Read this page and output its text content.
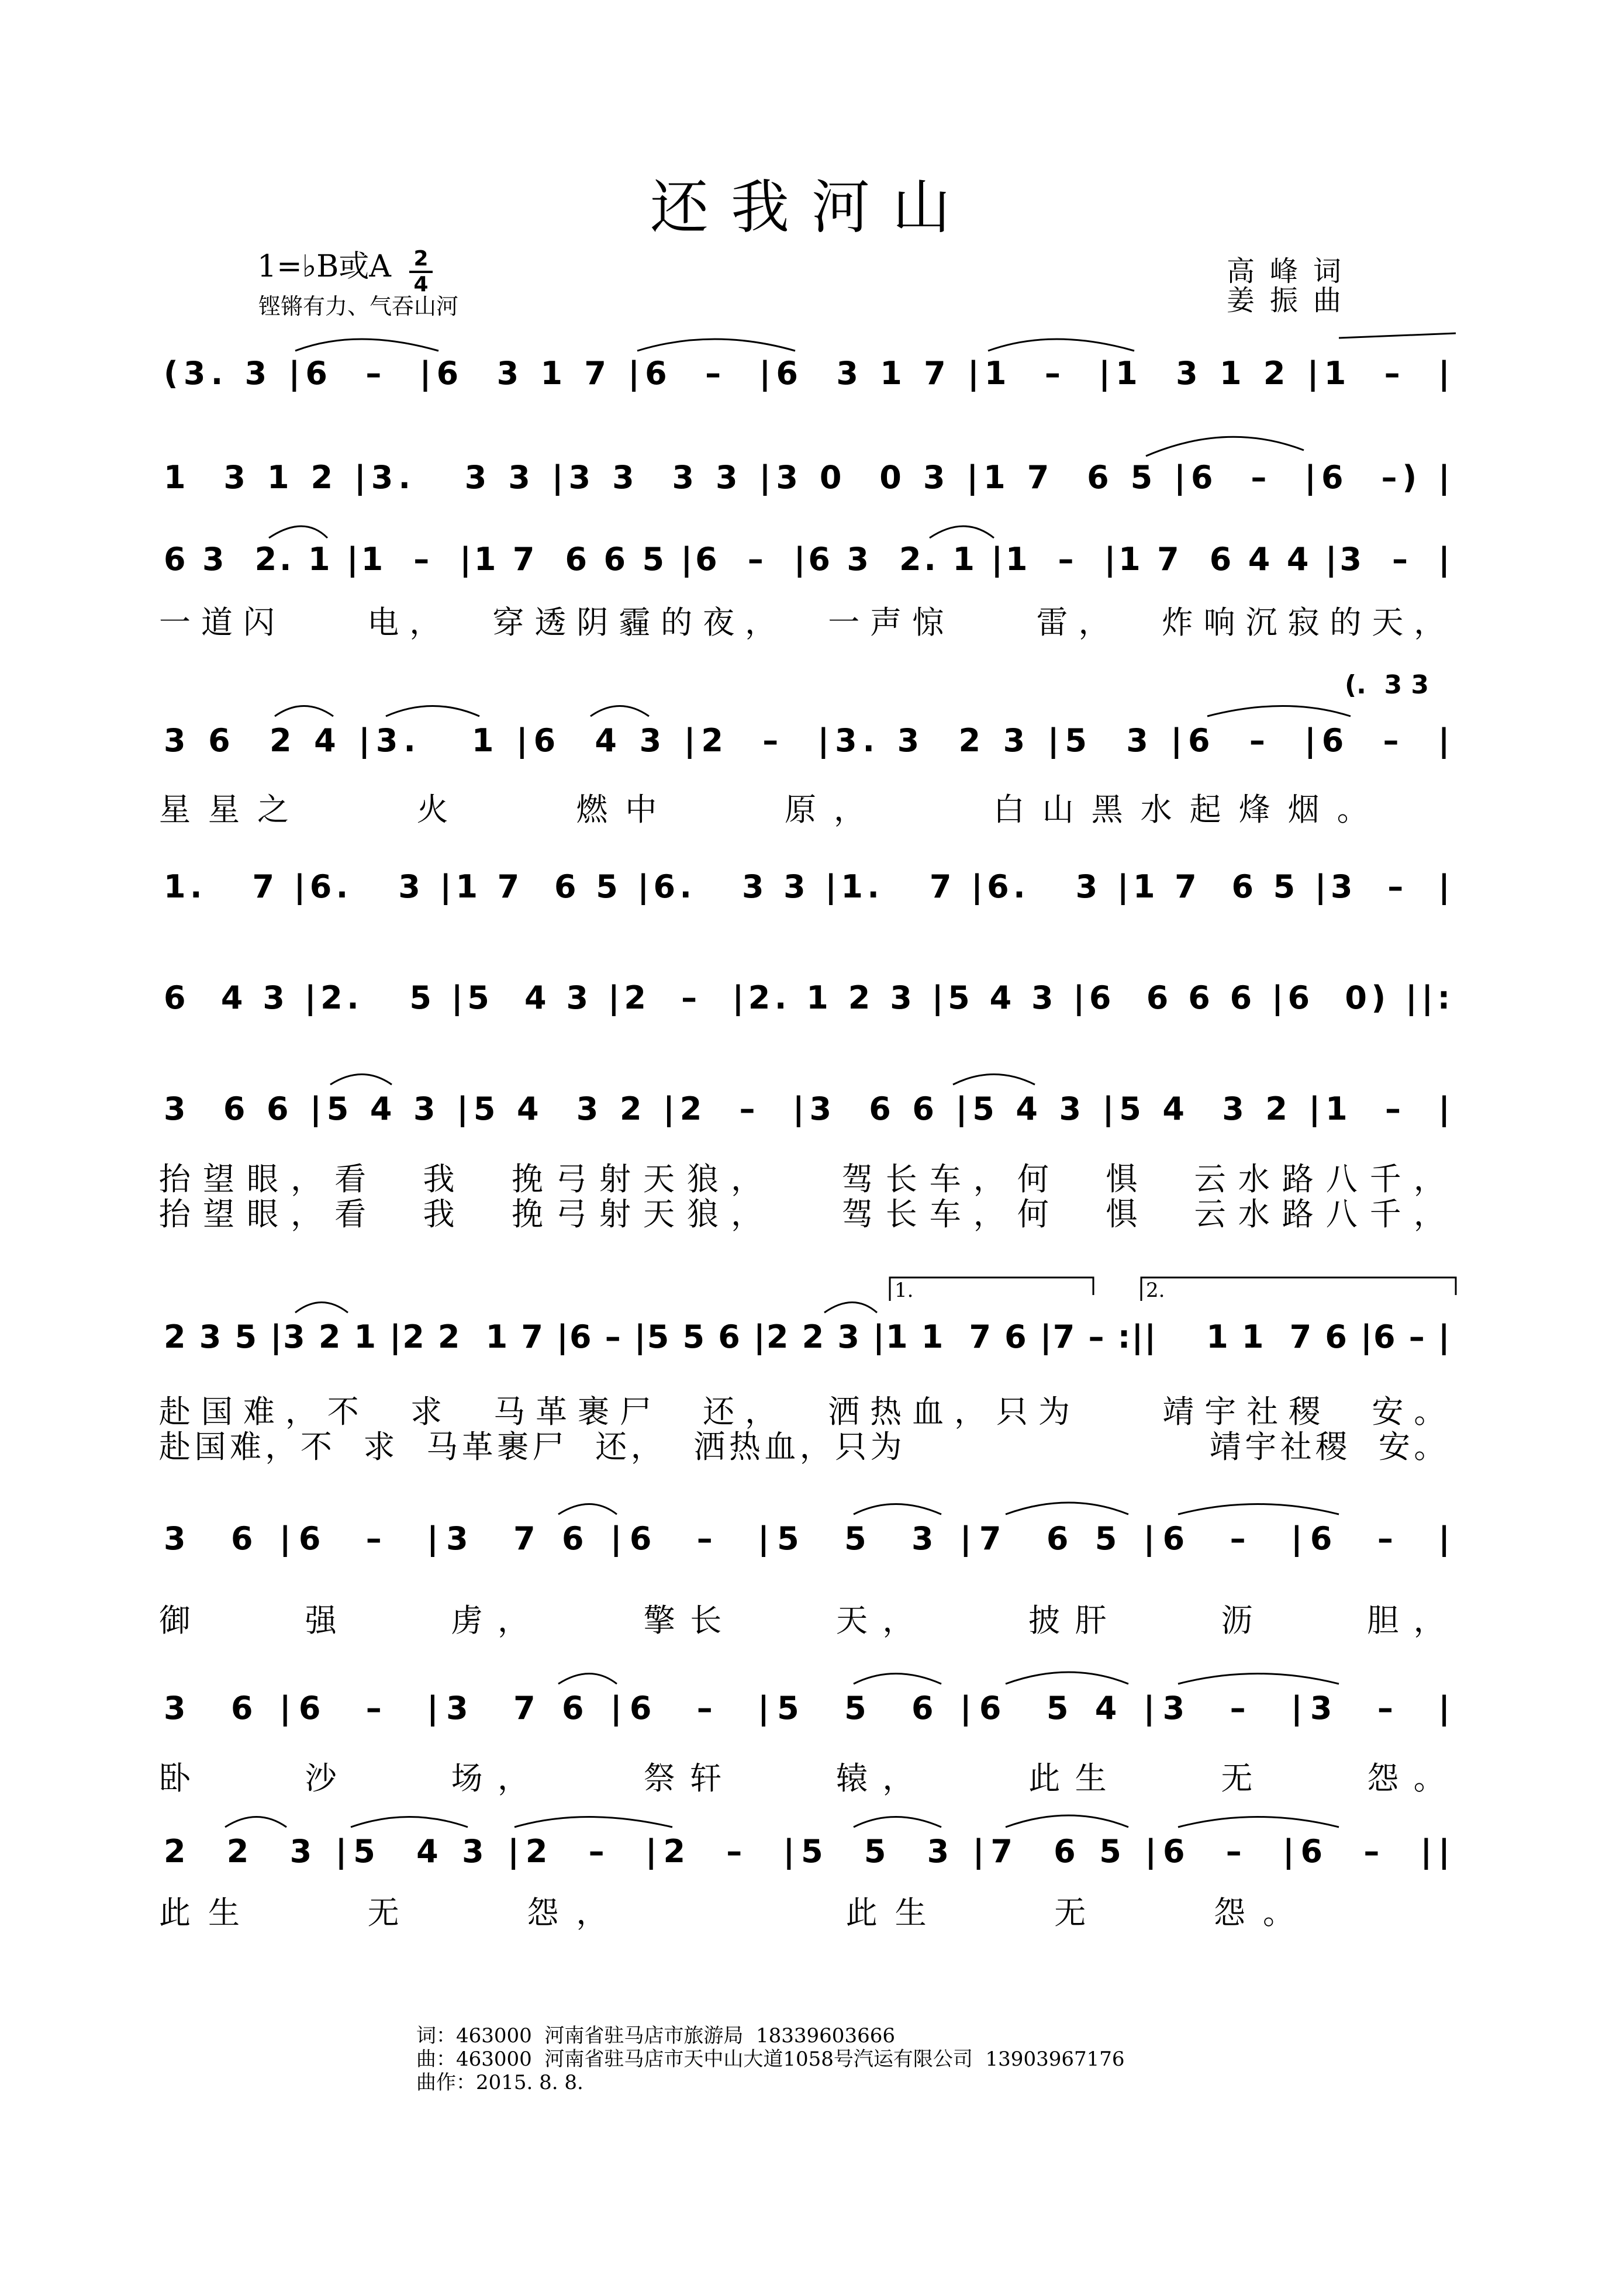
还我河山
1=♭B或A 2
4
铿锵有力、气吞山河
高峰词
姜振曲
(3. 3 |6  –  |6  3 1 7 |6  –  |6  3 1 7 |1  –  |1  3 1 2 |1  –  |
1  3 1 2 |3.   3 3 |3 3  3 3 |3 0  0 3 |1 7  6 5 |6  –  |6  –) |
6 3  2. 1 |1  –  |1 7  6 6 5 |6  –  |6 3  2. 1 |1  –  |1 7  6 4 4 |3  –  |
一道闪    电，  穿透阴霾的夜，  一声惊    雷，  炸响沉寂的天，
(.  3 3
3 6  2 4 |3.   1 |6  4 3 |2  –  |3. 3  2 3 |5  3 |6  –  |6  –  |
星星之    火    燃中    原，    白山黑水起烽烟。
1.   7 |6.   3 |1 7  6 5 |6.   3 3 |1.   7 |6.   3 |1 7  6 5 |3  –  |
6  4 3 |2.   5 |5  4 3 |2  –  |2. 1 2 3 |5 4 3 |6  6 6 6 |6  0) ||:
3  6 6 |5 4 3 |5 4  3 2 |2  –  |3  6 6 |5 4 3 |5 4  3 2 |1  –  |
抬望眼，看  我  挽弓射天狼，   驾长车，何  惧  云水路八千，
抬望眼，看  我  挽弓射天狼，   驾长车，何  惧  云水路八千，
1.	2.
2 3 5 |3 2 1 |2 2  1 7 |6 – |5 5 6 |2 2 3 |1 1  7 6 |7 – :||    1 1  7 6 |6 – |
赴国难，不  求  马革裹尸  还，  洒热血，只为    靖宇社稷  安。
赴国难，不  求  马革裹尸  还，  洒热血，只为                      靖宇社稷  安。
3  6 |6  –  |3  7 6 |6  –  |5  5  3 |7  6 5 |6  –  |6  –  |
御    强    虏，    擎长    天，    披肝    沥    胆，
3  6 |6  –  |3  7 6 |6  –  |5  5  6 |6  5 4 |3  –  |3  –  |
卧    沙    场，    祭轩    辕，    此生    无    怨。
2  2  3 |5  4 3 |2  –  |2  –  |5  5  3 |7  6 5 |6  –  |6  –  ||
此生    无    怨，        此生    无    怨。
词：463000  河南省驻马店市旅游局  18339603666
曲：463000  河南省驻马店市天中山大道1058号汽运有限公司  13903967176
曲作：2015. 8. 8.
